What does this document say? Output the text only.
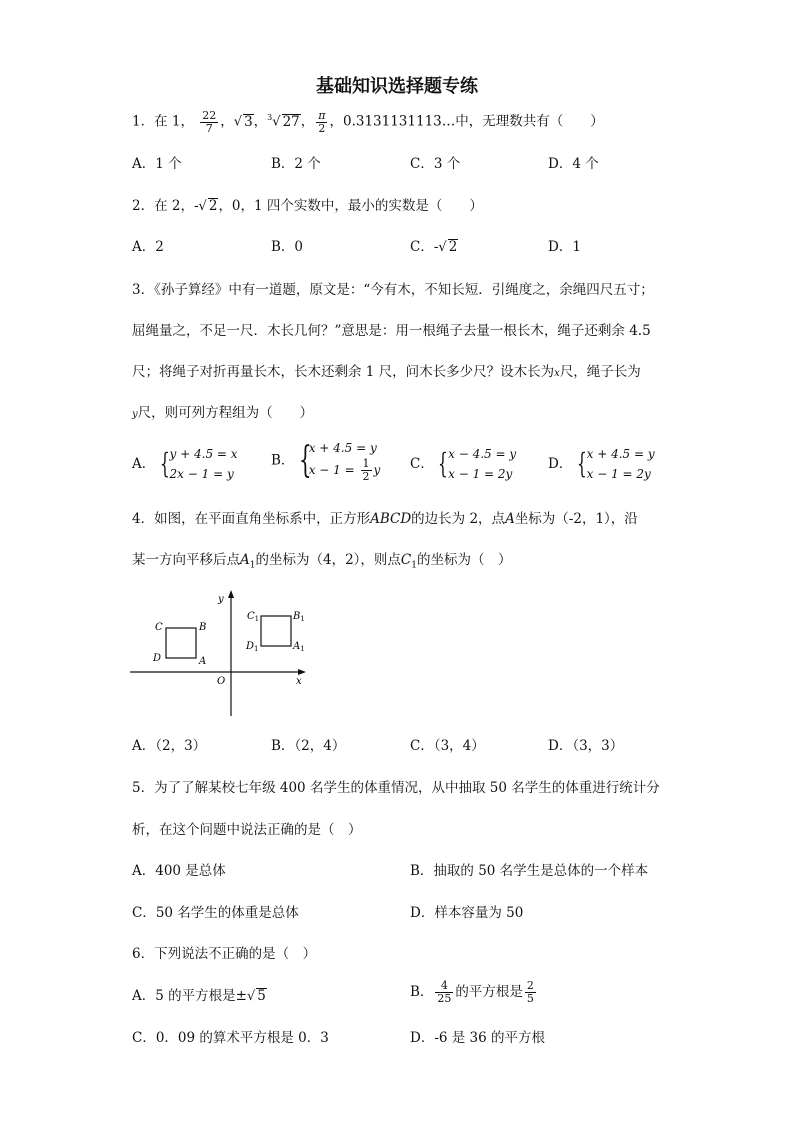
基础知识选择题专练
1．在 1， $\frac{22}{7}$ ，√ 3，$^3$√ 27， $\frac{\pi}{2}$ ，0.3131131113…中，无理数共有（　　）
A．1 个	B．2 个	C．3 个	D．4 个
2．在 2，-√ 2，0，1 四个实数中，最小的实数是（　　）
A．2	B．0	C．-√ 2	D．1
3．《孙子算经》中有一道题，原文是：“今有木，不知长短．引绳度之，余绳四尺五寸；
屈绳量之，不足一尺．木长几何？”意思是：用一根绳子去量一根长木，绳子还剩余 4.5
尺；将绳子对折再量长木，长木还剩余 1 尺，问木长多少尺？设木长为x尺，绳子长为
y尺，则可列方程组为（　　）
A． { y + 4.5 = x
2x − 1 = y
B． {
x + 4.5 = y
$x - 1 = \frac{1}{2}$ y C． { x − 4.5 = y
x − 1 = 2y
D． { x + 4.5 = y
x − 1 = 2y
4．如图，在平面直角坐标系中，正方形ABCD的边长为 2，点A坐标为（-2，1），沿
某一方向平移后点$A_1$的坐标为（4，2），则点$C_1$的坐标为（　）
y
x
O
A
B
C
D
$A_1$
$B_1$
$C_1$
$D_1$
A．（2，3）	B．（2，4）	C．（3，4）	D．（3，3）
5．为了了解某校七年级 400 名学生的体重情况，从中抽取 50 名学生的体重进行统计分
析，在这个问题中说法正确的是（　）
A．400 是总体	B．抽取的 50 名学生是总体的一个样本
C．50 名学生的体重是总体	D．样本容量为 50
6．下列说法不正确的是（　）
A．5 的平方根是±√ 5	B． $\frac{4}{25}$ 的平方根是 $\frac{2}{5}$
C．0．09 的算术平方根是 0．3	D．-6 是 36 的平方根
